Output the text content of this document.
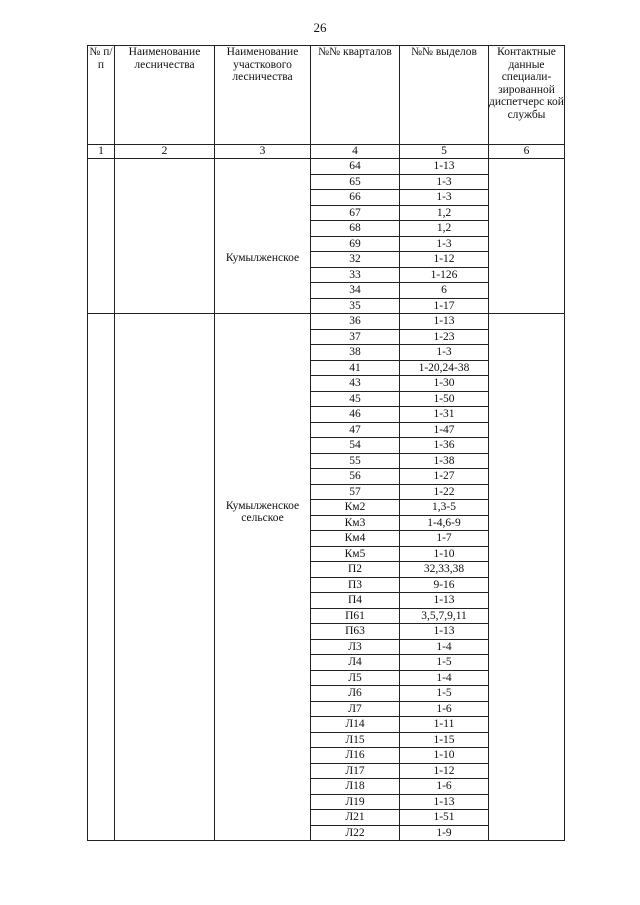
26
№ п/п	Наименование лесничества	Наименование участкового лесничества	№№ кварталов	№№ выделов	Контактные данные специали-зированной диспетчерс кой службы
1	2	3	4	5	6
			64	1-13	
			65	1-3	
			66	1-3	
			67	1,2	
			68	1,2	
			69	1-3	
		Кумылженское	32	1-12	
			33	1-126	
			34	6	
			35	1-17	
			36	1-13	
			37	1-23	
			38	1-3	
			41	1-20,24-38	
			43	1-30	
			45	1-50	
			46	1-31	
			47	1-47	
			54	1-36	
			55	1-38	
			56	1-27	
			57	1-22	
		Кумылженское сельское	Км2	1,3-5	
			Км3	1-4,6-9	
			Км4	1-7	
			Км5	1-10	
			П2	32,33,38	
			П3	9-16	
			П4	1-13	
			П61	3,5,7,9,11	
			П63	1-13	
			Л3	1-4	
			Л4	1-5	
			Л5	1-4	
			Л6	1-5	
			Л7	1-6	
			Л14	1-11	
			Л15	1-15	
			Л16	1-10	
			Л17	1-12	
			Л18	1-6	
			Л19	1-13	
			Л21	1-51	
			Л22	1-9	
